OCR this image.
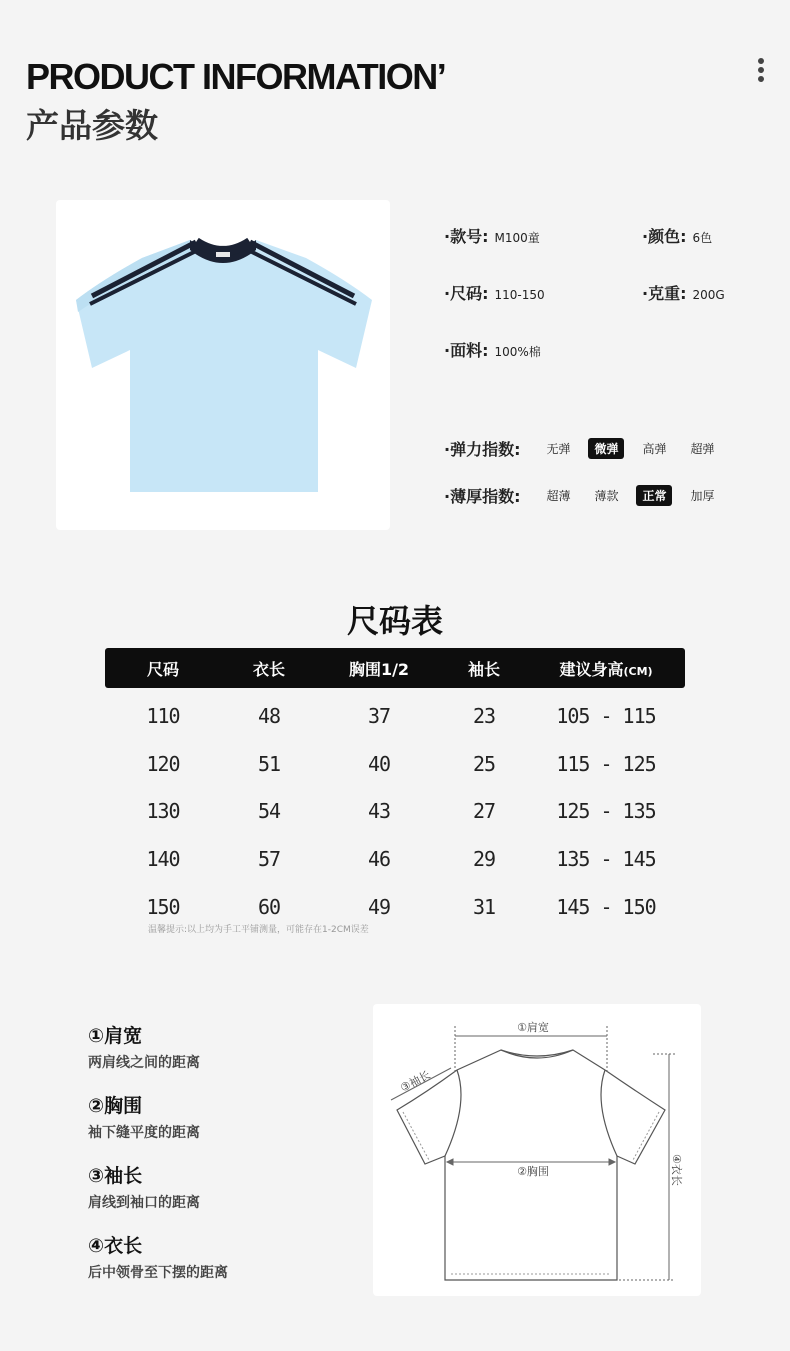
PRODUCT INFORMATION’
产品参数
·款号: M100童	·颜色: 6色
·尺码: 110-150	·克重: 200G
·面料: 100%棉
·弹力指数:	无弹	微弹	高弹	超弹
·薄厚指数:	超薄	薄款	正常	加厚
尺码表
尺码	衣长	胸围1/2	袖长	建议身高(CM)
110	48	37	23	105 - 115
120	51	40	25	115 - 125
130	54	43	27	125 - 135
140	57	46	29	135 - 145
150	60	49	31	145 - 150
温馨提示:以上均为手工平铺测量，可能存在1-2CM误差
①肩宽
两肩线之间的距离
②胸围
袖下缝平度的距离
③袖长
肩线到袖口的距离
④衣长
后中领骨至下摆的距离
①肩宽
②胸围
③袖长
④衣长
